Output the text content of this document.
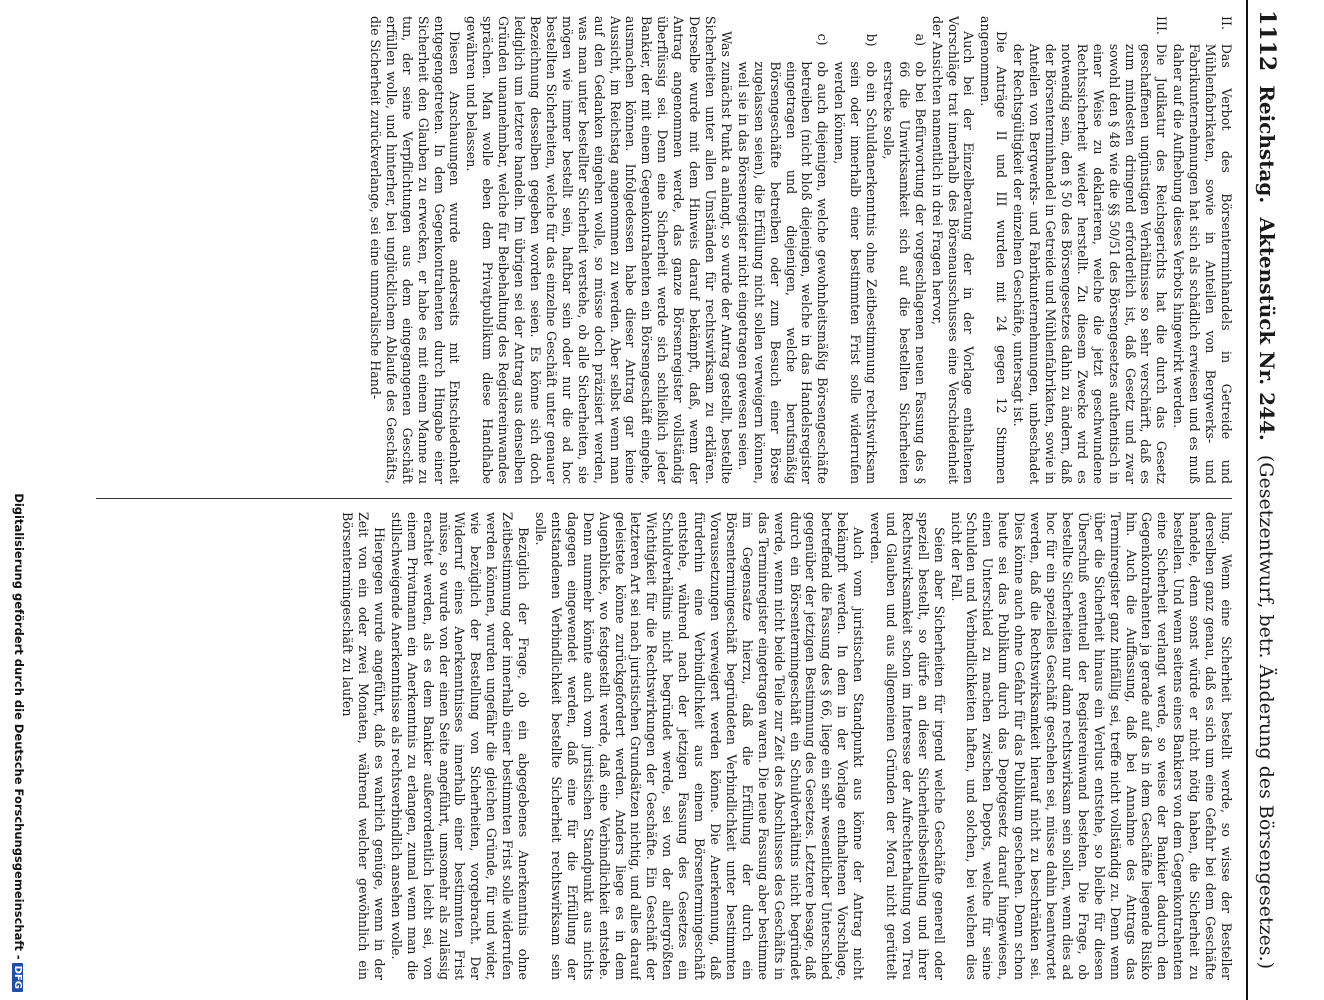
1112
Reichstag.
Aktenstück Nr. 244.
(Gesetzentwurf, betr. Änderung des Börsengesetzes.)

II.
Das Verbot des Börsenterminhandels in Getreide und Mühlenfabrikaten, sowie in Anteilen von Bergwerks- und Fabrikunternehmungen hat sich als schädlich erwiesen und es muß daher auf die Aufhebung dieses Verbots hingewirkt werden.

III.
Die Judikatur des Reichsgerichts hat die durch das Gesetz geschaffenen ungünstigen Verhältnisse so sehr verschärft, daß es zum mindesten dringend erforderlich ist, daß Gesetz und zwar sowohl den § 48 wie die §§ 50/51 des Börsengesetzes authentisch in einer Weise zu deklarieren, welche die jetzt geschwundene Rechtssicherheit wieder herstellt. Zu diesem Zwecke wird es notwendig sein, den § 50 des Börsengesetzes dahin zu ändern, daß der Börsenterminhandel in Getreide und Mühlenfabrikaten, sowie in Anteilen von Bergwerks- und Fabrikunternehmungen, unbeschadet der Rechtsgültigkeit der einzelnen Geschäfte, untersagt ist.

Die Anträge II und III wurden mit 24 gegen 12 Stimmen angenommen.

Auch bei der Einzelberatung der in der Vorlage enthaltenen Vorschläge trat innerhalb des Börsenausschusses eine Verschiedenheit der Ansichten namentlich in drei Fragen hervor,

a)
ob bei Befürwortung der vorgeschlagenen neuen Fassung des § 66 die Unwirksamkeit sich auf die bestellten Sicherheiten erstrecke solle,

b)
ob ein Schuldanerkenntnis ohne Zeitbestimmung rechtswirksam sein oder innerhalb einer bestimmten Frist solle widerrufen werden können,

c)
ob auch diejenigen, welche gewohnheitsmäßig Börsengeschäfte betreiben (nicht bloß diejenigen, welche in das Handelsregister eingetragen und diejenigen, welche berufsmäßig Börsengeschäfte betreiben oder zum Besuch einer Börse zugelassen seien), die Erfüllung nicht sollen verweigern können, weil sie in das Börsenregister nicht eingetragen gewesen seien.

Was zunächst Punkt a anlangt, so wurde der Antrag gestellt, bestellte Sicherheiten unter allen Umständen für rechtswirksam zu erklären. Derselbe wurde mit dem Hinweis darauf bekämpft, daß, wenn der Antrag angenommen werde, das ganze Börsenregister vollständig überflüssig sei. Denn eine Sicherheit werde sich schließlich jeder Bankier, der mit einem Gegenkontrahenten ein Börsengeschäft eingehe, ausmachen können. Infolgedessen habe dieser Antrag gar keine Aussicht, im Reichstag angenommen zu werden. Aber selbst wenn man auf den Gedanken eingehen wolle, so müsse doch präzisiert werden, was man unter bestellter Sicherheit verstehe, ob alle Sicherheiten, sie mögen wie immer bestellt sein, haftbar sein oder nur die ad hoc bestellten Sicherheiten, welche für das einzelne Geschäft unter genauer Bezeichnung desselben gegeben worden seien. Es könne sich doch lediglich um letztere handeln. Im übrigen sei der Antrag aus denselben Gründen unannehmbar, welche für Beibehaltung des Registereinwandes sprächen. Man wolle eben dem Privatpublikum diese Handhabe gewähren und belassen.

Diesen Anschauungen wurde anderseits mit Entschiedenheit entgegengetreten. In dem Gegenkontrahenten durch Hingabe einer Sicherheit den Glauben zu erwecken, er habe es mit einem Manne zu tun, der seine Verpflichtungen aus dem eingegangenen Geschäft erfüllen wolle, und hinterher, bei unglücklichem Ablaufe des Geschäfts, die Sicherheit zurückverlange, sei eine unmoralische Hand-

lung. Wenn eine Sicherheit bestellt werde, so wisse der Besteller derselben ganz genau, daß es sich um eine Gefahr bei dem Geschäfte handele, denn sonst würde er nicht nötig haben, die Sicherheit zu bestellen. Und wenn seitens eines Bankiers von dem Gegenkontrahenten eine Sicherheit verlangt werde, so weise der Bankier dadurch den Gegenkontrahenten ja gerade auf das in dem Geschäfte liegende Risiko hin. Auch die Auffassung, daß bei Annahme des Antrags das Terminregister ganz hinfällig sei, treffe nicht vollständig zu. Denn wenn über die Sicherheit hinaus ein Verlust entstehe, so bleibe für diesen Überschuß eventuell der Registereinwand bestehen. Die Frage, ob bestellte Sicherheiten nur dann rechtswirksam sein sollen, wenn dies ad hoc für ein spezielles Geschäft geschehen sei, müsse dahin beantwortet werden, daß die Rechtswirksamkeit hierauf nicht zu beschränken sei. Dies könne auch ohne Gefahr für das Publikum geschehen. Denn schon heute sei das Publikum durch das Depotgesetz darauf hingewiesen, einen Unterschied zu machen zwischen Depots, welche für seine Schulden und Verbindlichkeiten haften, und solchen, bei welchen dies nicht der Fall.

Seien aber Sicherheiten für irgend welche Geschäfte generell oder speziell bestellt, so dürfe an dieser Sicherheitsbestellung und ihrer Rechtswirksamkeit schon im Interesse der Aufrechterhaltung von Treu und Glauben und aus allgemeinen Gründen der Moral nicht gerüttelt werden.

Auch vom juristischen Standpunkt aus könne der Antrag nicht bekämpft werden. In dem in der Vorlage enthaltenen Vorschlage, betreffend die Fassung des § 66, liege ein sehr wesentlicher Unterschied gegenüber der jetzigen Bestimmung des Gesetzes. Letztere besage, daß durch ein Börsentermingeschäft ein Schuldverhältnis nicht begründet werde, wenn nicht beide Teile zur Zeit des Abschlusses des Geschäfts in das Terminregister eingetragen waren. Die neue Fassung aber bestimme im Gegensatze hierzu, daß die Erfüllung der durch ein Börsentermingeschäft begründeten Verbindlichkeit unter bestimmten Voraussetzungen verweigert werden könne. Die Anerkennung, daß fürderhin eine Verbindlichkeit aus einem Börsentermingeschäft entstehe, während nach der jetzigen Fassung des Gesetzes ein Schuldverhältnis nicht begründet werde, sei von der allergrößten Wichtigkeit für die Rechtswirkungen der Geschäfte. Ein Geschäft der letzteren Art sei nach juristischen Grundsätzen nichtig, und alles darauf geleistete könne zurückgefordert werden. Anders liege es in dem Augenblicke, wo festgestellt werde, daß eine Verbindlichkeit entstehe. Denn nunmehr könnte auch vom juristischen Standpunkt aus nichts dagegen eingewendet werden, daß eine für die Erfüllung der entstandenen Verbindlichkeit bestellte Sicherheit rechtswirksam sein solle.

Bezüglich der Frage, ob ein abgegebenes Anerkenntnis ohne Zeitbestimmung oder innerhalb einer bestimmten Frist solle widerrufen werden können, wurden ungefähr die gleichen Gründe, für und wider, wie bezüglich der Bestellung von Sicherheiten, vorgebracht. Der Widerruf eines Anerkenntnisses innerhalb einer bestimmten Frist müsse, so wurde von der einen Seite angeführt, umsomehr als zulässig erachtet werden, als es dem Bankier außerordentlich leicht sei, von einem Privatmann ein Anerkenntnis zu erlangen, zumal wenn man die stillschweigende Anerkenntnisse als rechtsverbindlich ansehen wolle.

Hiergegen wurde angeführt, daß es wahrlich genüge, wenn in der Zeit von ein oder zwei Monaten, während welcher gewöhnlich ein Börsentermingeschäft zu laufen

Digitalisierung gefördert durch die Deutsche Forschungsgemeinschaft -DFG
